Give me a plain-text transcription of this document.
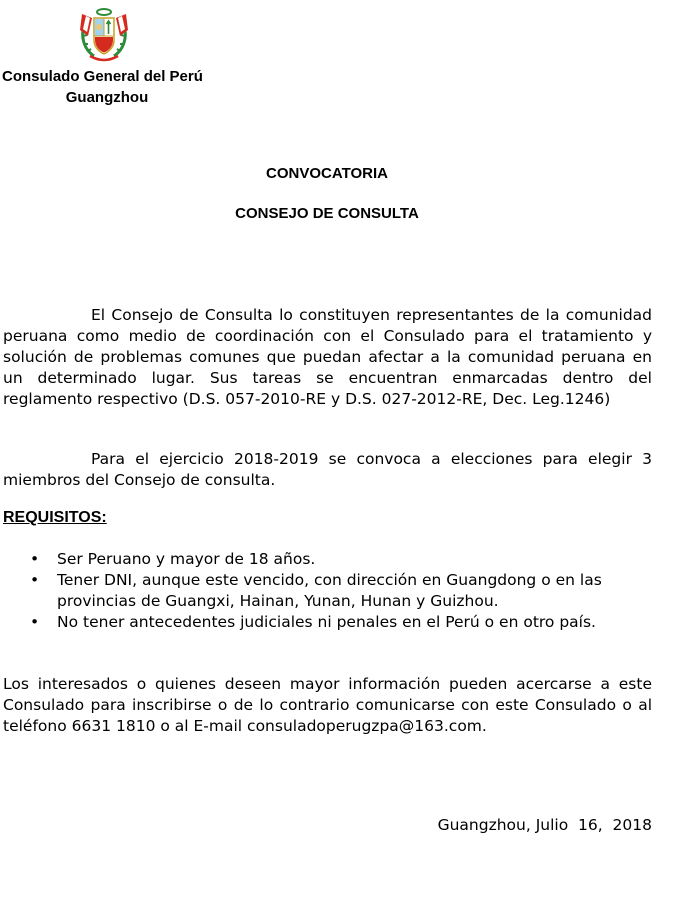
Consulado General del Perú
Guangzhou
CONVOCATORIA
CONSEJO DE CONSULTA

El Consejo de Consulta lo constituyen representantes de la comunidad peruana como medio de coordinación con el Consulado para el tratamiento y solución de problemas comunes que puedan afectar a la comunidad peruana en un determinado lugar. Sus tareas se encuentran enmarcadas dentro del reglamento respectivo (D.S. 057-2010-RE y D.S. 027-2012-RE, Dec. Leg.1246)

Para el ejercicio 2018-2019 se convoca a elecciones para elegir 3 miembros del Consejo de consulta.

REQUISITOS:
• Ser Peruano y mayor de 18 años.
• Tener DNI, aunque este vencido, con dirección en Guangdong o en las provincias de Guangxi, Hainan, Yunan, Hunan y Guizhou.
• No tener antecedentes judiciales ni penales en el Perú o en otro país.

Los interesados o quienes deseen mayor información pueden acercarse a este Consulado para inscribirse o de lo contrario comunicarse con este Consulado o al teléfono 6631 1810 o al E-mail consuladoperugzpa@163.com.

Guangzhou, Julio  16,  2018
